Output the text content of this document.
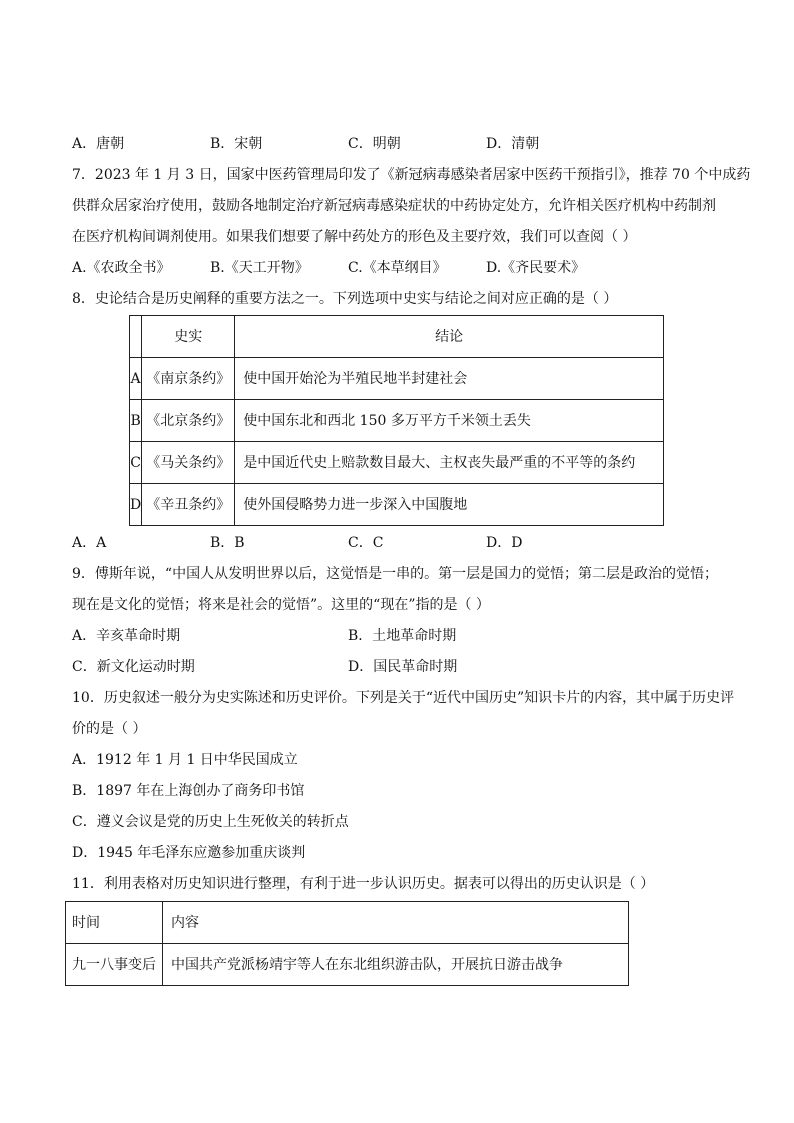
A．唐朝	B．宋朝	C．明朝	D．清朝
7．2023 年 1 月 3 日，国家中医药管理局印发了《新冠病毒感染者居家中医药干预指引》，推荐 70 个中成药
供群众居家治疗使用，鼓励各地制定治疗新冠病毒感染症状的中药协定处方，允许相关医疗机构中药制剂
在医疗机构间调剂使用。如果我们想要了解中药处方的形色及主要疗效，我们可以查阅（ ）
A.《农政全书》	B.《天工开物》	C.《本草纲目》	D.《齐民要术》
8．史论结合是历史阐释的重要方法之一。下列选项中史实与结论之间对应正确的是（ ）
	史实	结论
A	《南京条约》	使中国开始沦为半殖民地半封建社会
B	《北京条约》	使中国东北和西北 150 多万平方千米领土丢失
C	《马关条约》	是中国近代史上赔款数目最大、主权丧失最严重的不平等的条约
D	《辛丑条约》	使外国侵略势力进一步深入中国腹地
A．A	B．B	C．C	D．D
9．傅斯年说，“中国人从发明世界以后，这觉悟是一串的。第一层是国力的觉悟；第二层是政治的觉悟；
现在是文化的觉悟；将来是社会的觉悟”。这里的“现在”指的是（ ）
A．辛亥革命时期	B．土地革命时期
C．新文化运动时期	D．国民革命时期
10．历史叙述一般分为史实陈述和历史评价。下列是关于“近代中国历史”知识卡片的内容，其中属于历史评
价的是（ ）
A．1912 年 1 月 1 日中华民国成立
B．1897 年在上海创办了商务印书馆
C．遵义会议是党的历史上生死攸关的转折点
D．1945 年毛泽东应邀参加重庆谈判
11．利用表格对历史知识进行整理，有利于进一步认识历史。据表可以得出的历史认识是（ ）
时间	内容
九一八事变后	中国共产党派杨靖宇等人在东北组织游击队，开展抗日游击战争
